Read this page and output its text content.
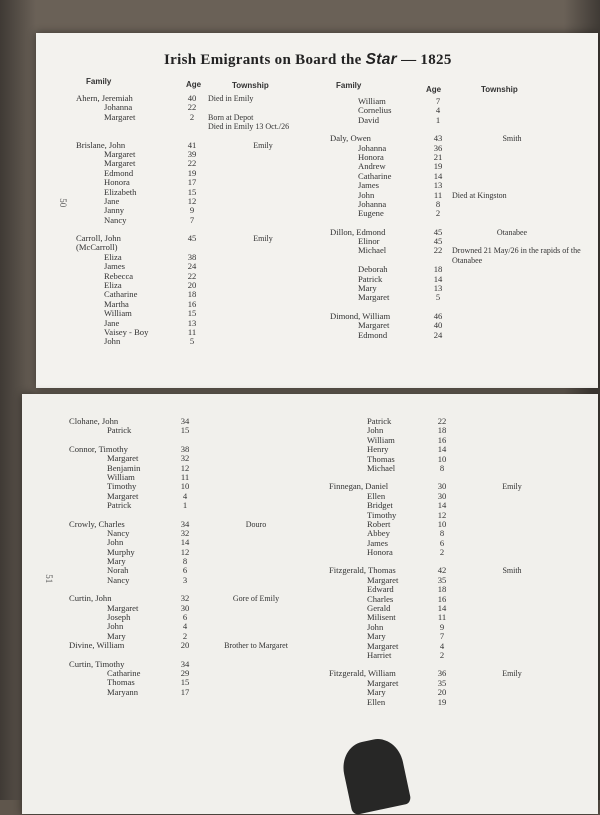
Irish Emigrants on Board the Star — 1825
Family	Age	Township	Family	Age	Township
Ahern, Jeremiah	40	Died in Emily
Johanna	22
Margaret	2	Born at Depot
Died in Emily 13 Oct./26
Brislane, John	41	Emily
Margaret	39
Margaret	22
Edmond	19
Honora	17
Elizabeth	15
Jane	12
Janny	9
Nancy	7
Carroll, John	45	Emily
(McCarroll)
Eliza	38
James	24
Rebecca	22
Eliza	20
Catharine	18
Martha	16
William	15
Jane	13
Vaisey - Boy	11
John	5
William	7
Cornelius	4
David	1
Daly, Owen	43	Smith
Johanna	36
Honora	21
Andrew	19
Catharine	14
James	13
John	11	Died at Kingston
Johanna	8
Eugene	2
Dillon, Edmond	45	Otanabee
Elinor	45
Michael	22	Drowned 21 May/26 in the rapids of the Otanabee
Deborah	18
Patrick	14
Mary	13
Margaret	5
Dimond, William	46
Margaret	40
Edmond	24
50
Clohane, John	34
Patrick	15
Connor, Timothy	38
Margaret	32
Benjamin	12
William	11
Timothy	10
Margaret	4
Patrick	1
Crowly, Charles	34	Douro
Nancy	32
John	14
Murphy	12
Mary	8
Norah	6
Nancy	3
Curtin, John	32	Gore of Emily
Margaret	30
Joseph	6
John	4
Mary	2
Divine, William	20	Brother to Margaret
Curtin, Timothy	34
Catharine	29
Thomas	15
Maryann	17
Patrick	22
John	18
William	16
Henry	14
Thomas	10
Michael	8
Finnegan, Daniel	30	Emily
Ellen	30
Bridget	14
Timothy	12
Robert	10
Abbey	8
James	6
Honora	2
Fitzgerald, Thomas	42	Smith
Margaret	35
Edward	18
Charles	16
Gerald	14
Milisent	11
John	9
Mary	7
Margaret	4
Harriet	2
Fitzgerald, William	36	Emily
Margaret	35
Mary	20
Ellen	19
51
